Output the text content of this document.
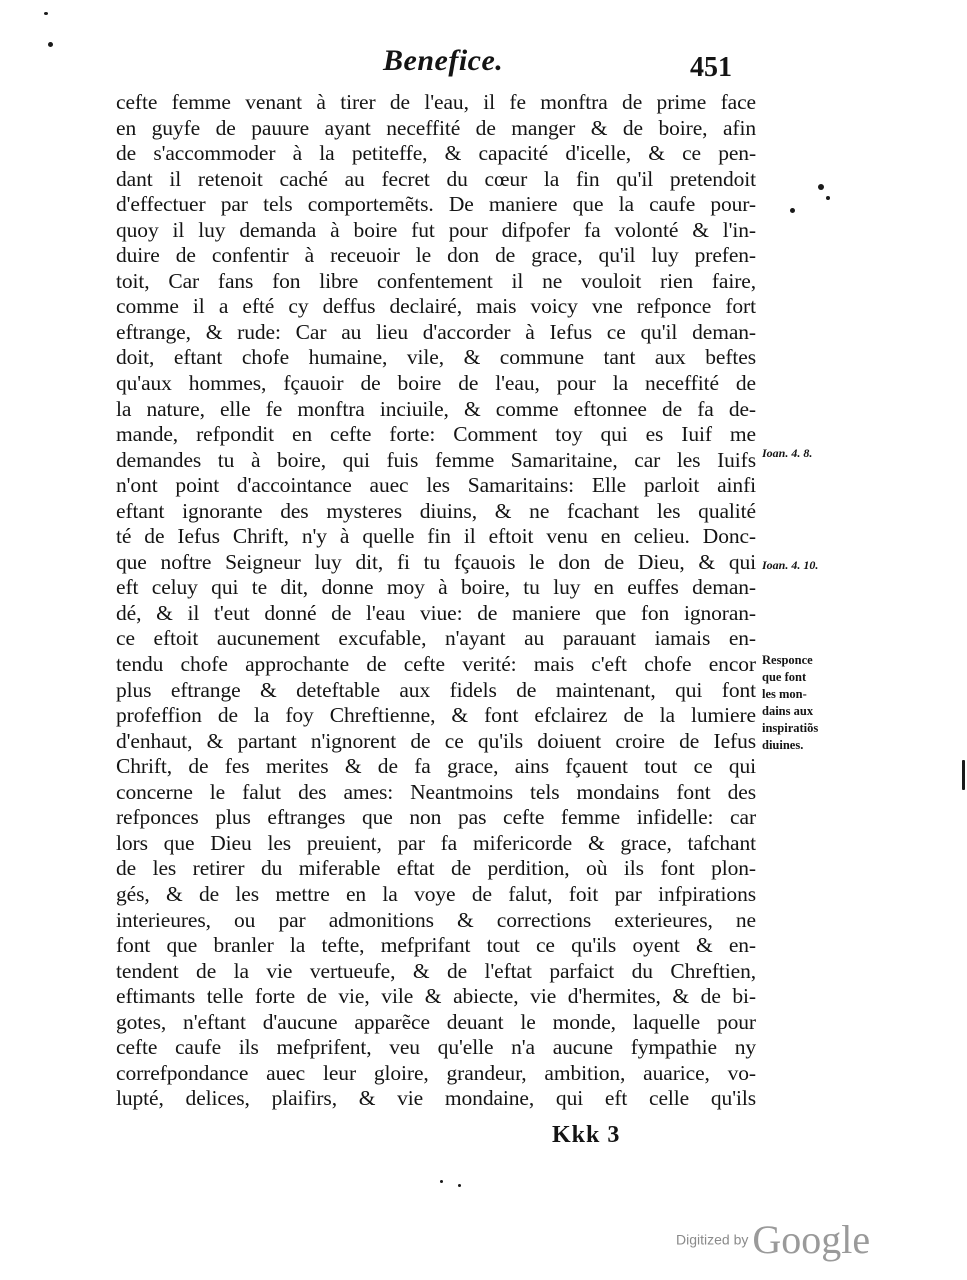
Benefice.	451
cefte femme venant à tirer de l'eau, il fe monftra de prime face
en guyfe de pauure ayant neceffité de manger & de boire, afin
de s'accommoder à la petiteffe, & capacité d'icelle, & ce pen-
dant il retenoit caché au fecret du cœur la fin qu'il pretendoit
d'effectuer par tels comportemẽts. De maniere que la caufe pour-
quoy il luy demanda à boire fut pour difpofer fa volonté & l'in-
duire de confentir à receuoir le don de grace, qu'il luy prefen-
toit, Car fans fon libre confentement il ne vouloit rien faire,
comme il a efté cy deffus declairé, mais voicy vne refponce fort
eftrange, & rude: Car au lieu d'accorder à Iefus ce qu'il deman-
doit, eftant chofe humaine, vile, & commune tant aux beftes
qu'aux hommes, fçauoir de boire de l'eau, pour la neceffité de
la nature, elle fe monftra inciuile, & comme eftonnee de fa de-
mande, refpondit en cefte forte: Comment toy qui es Iuif me
demandes tu à boire, qui fuis femme Samaritaine, car les Iuifs
n'ont point d'accointance auec les Samaritains: Elle parloit ainfi
eftant ignorante des mysteres diuins, & ne fcachant les qualité
té de Iefus Chrift, n'y à quelle fin il eftoit venu en celieu. Donc-
que noftre Seigneur luy dit, fi tu fçauois le don de Dieu, & qui
eft celuy qui te dit, donne moy à boire, tu luy en euffes deman-
dé, & il t'eut donné de l'eau viue: de maniere que fon ignoran-
ce eftoit aucunement excufable, n'ayant au parauant iamais en-
tendu chofe approchante de cefte verité: mais c'eft chofe encor
plus eftrange & deteftable aux fidels de maintenant, qui font
profeffion de la foy Chreftienne, & font efclairez de la lumiere
d'enhaut, & partant n'ignorent de ce qu'ils doiuent croire de Iefus
Chrift, de fes merites & de fa grace, ains fçauent tout ce qui
concerne le falut des ames: Neantmoins tels mondains font des
refponces plus eftranges que non pas cefte femme infidelle: car
lors que Dieu les preuient, par fa mifericorde & grace, tafchant
de les retirer du miferable eftat de perdition, où ils font plon-
gés, & de les mettre en la voye de falut, foit par infpirations
interieures, ou par admonitions & corrections exterieures, ne
font que branler la tefte, mefprifant tout ce qu'ils oyent & en-
tendent de la vie vertueufe, & de l'eftat parfaict du Chreftien,
eftimants telle forte de vie, vile & abiecte, vie d'hermites, & de bi-
gotes, n'eftant d'aucune apparẽce deuant le monde, laquelle pour
cefte caufe ils mefprifent, veu qu'elle n'a aucune fympathie ny
correfpondance auec leur gloire, grandeur, ambition, auarice, vo-
lupté, delices, plaifirs, & vie mondaine, qui eft celle qu'ils
Kkk 3
Ioan. 4. 8.
Ioan. 4. 10.
Responce
que font
les mon-
dains aux
inspiratiõs
diuines.
Digitized by Google
